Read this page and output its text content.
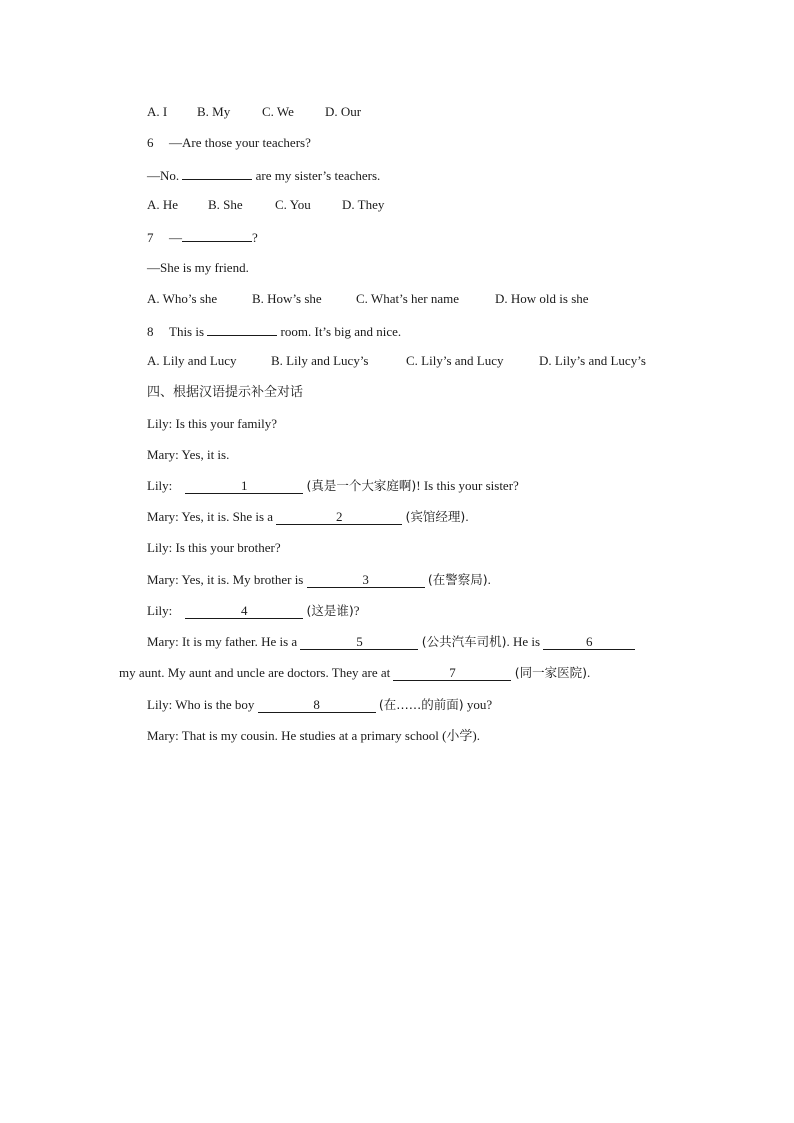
A. I B. My C. We D. Our
6 —Are those your teachers?
—No.	are my sister’s teachers.
A. He B. She C. You D. They
7 —	?
—She is my friend.
A. Who’s she	B. How’s she	C. What’s her name	D. How old is she
8 This is	room. It’s big and nice.
A. Lily and Lucy	B. Lily and Lucy’s	C. Lily’s and Lucy	D. Lily’s and Lucy’s
四、根据汉语提示补全对话
Lily: Is this your family?
Mary: Yes, it is.
Lily:	1	(真是一个大家庭啊)! Is this your sister?
Mary: Yes, it is. She is a	2	(宾馆经理).
Lily: Is this your brother?
Mary: Yes, it is. My brother is	3	(在警察局).
Lily:	4	(这是谁)?
Mary: It is my father. He is a	5	(公共汽车司机). He is	6
my aunt. My aunt and uncle are doctors. They are at	7	(同一家医院).
Lily: Who is the boy	8	(在……的前面) you?
Mary: That is my cousin. He studies at a primary school (小学).
